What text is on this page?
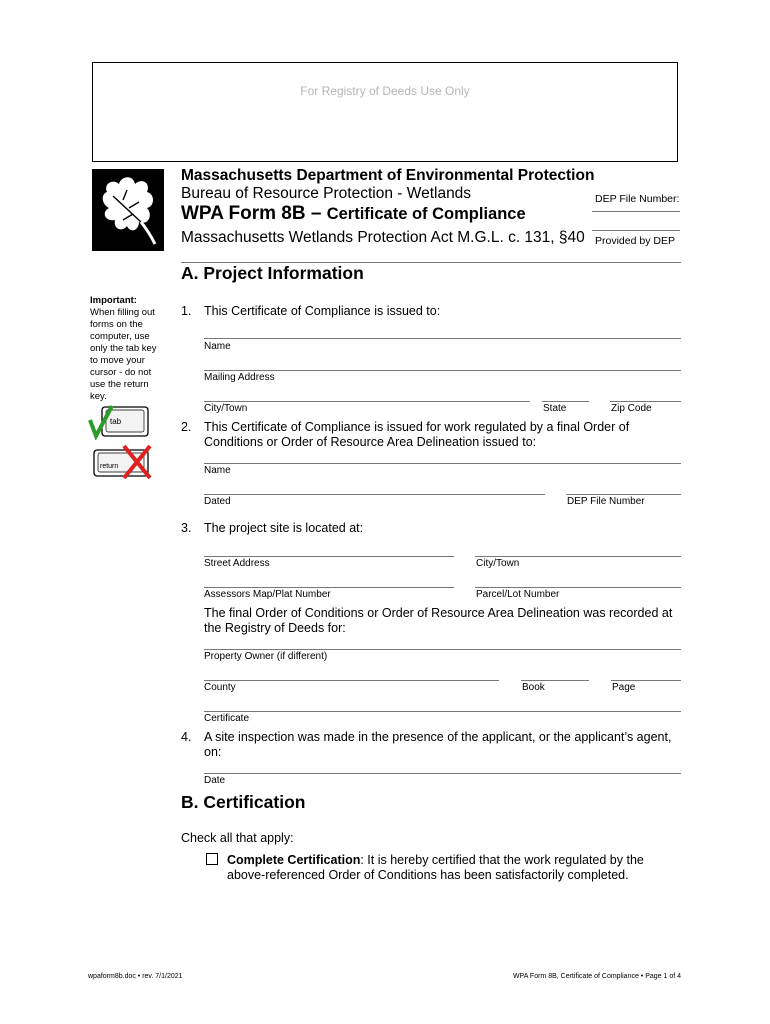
For Registry of Deeds Use Only
Massachusetts Department of Environmental Protection
Bureau of Resource Protection - Wetlands
WPA Form 8B – Certificate of Compliance
Massachusetts Wetlands Protection Act M.G.L. c. 131, §40
DEP File Number:
Provided by DEP
A. Project Information
Important:
When filling out forms on the computer, use only the tab key to move your cursor - do not use the return key.
tab
return
1. This Certificate of Compliance is issued to:
Name
Mailing Address
City/Town	State	Zip Code
2. This Certificate of Compliance is issued for work regulated by a final Order of
Conditions or Order of Resource Area Delineation issued to:
Name
Dated	DEP File Number
3. The project site is located at:
Street Address	City/Town
Assessors Map/Plat Number	Parcel/Lot Number
The final Order of Conditions or Order of Resource Area Delineation was recorded at
the Registry of Deeds for:
Property Owner (if different)
County	Book	Page
Certificate
4. A site inspection was made in the presence of the applicant, or the applicant’s agent,
on:
Date
B. Certification
Check all that apply:
Complete Certification: It is hereby certified that the work regulated by the
above-referenced Order of Conditions has been satisfactorily completed.
wpaform8b.doc • rev. 7/1/2021	WPA Form 8B, Certificate of Compliance • Page 1 of 4
